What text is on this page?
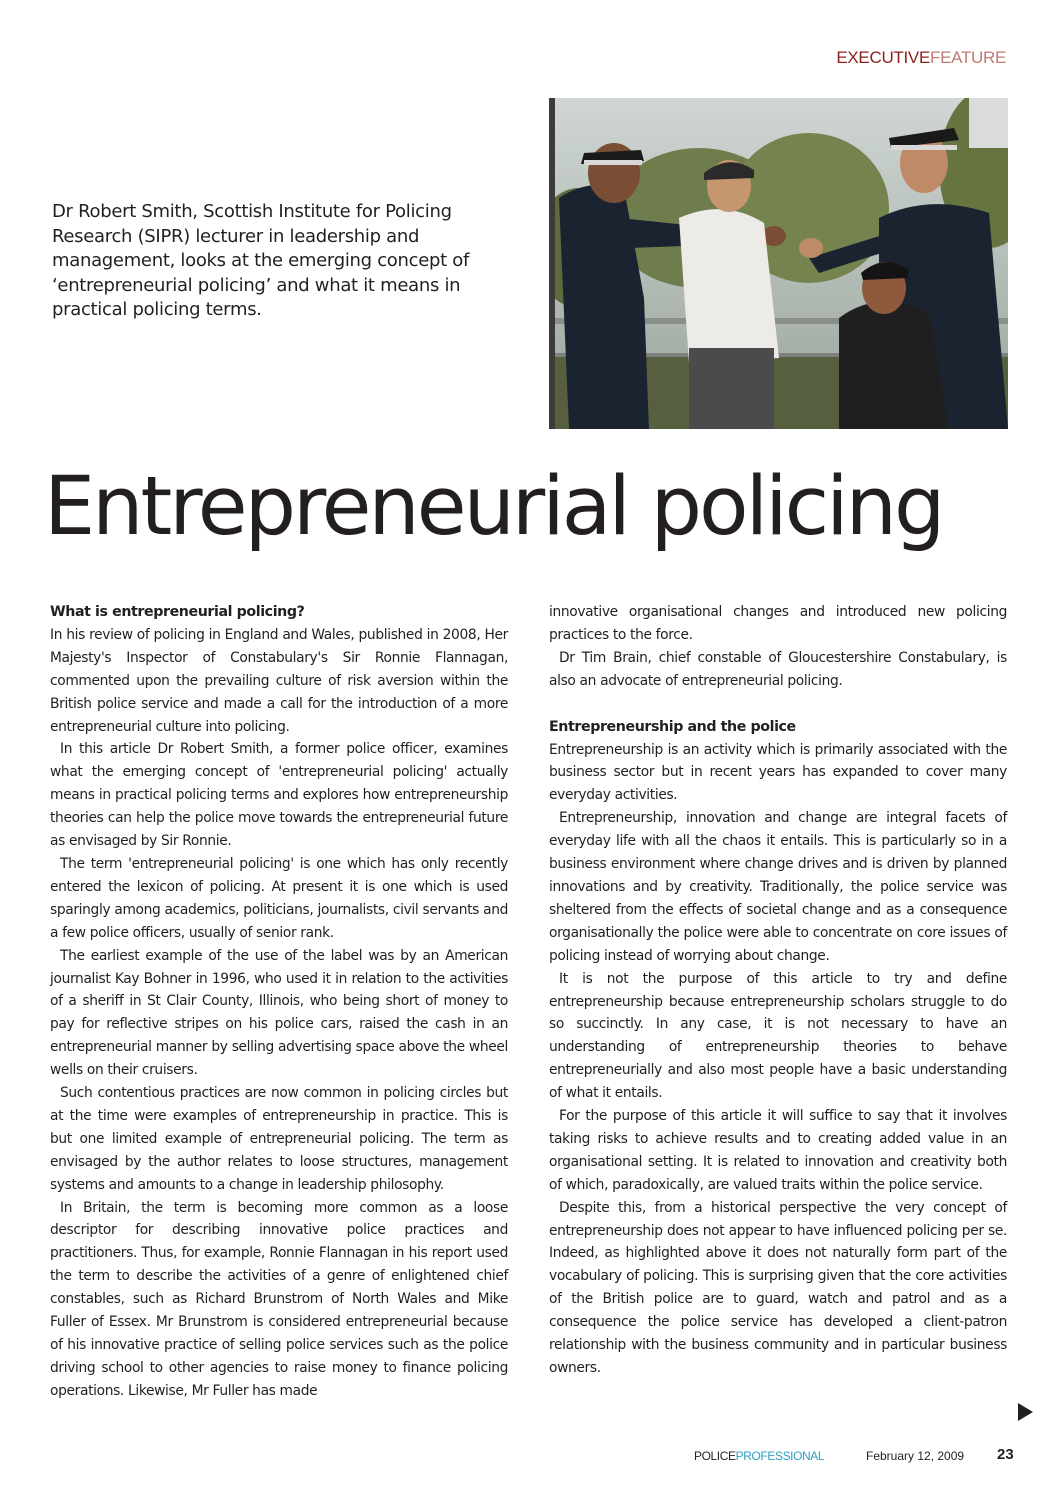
EXECUTIVEFEATURE
Dr Robert Smith, Scottish Institute for Policing Research (SIPR) lecturer in leadership and management, looks at the emerging concept of ‘entrepreneurial policing’ and what it means in practical policing terms.
Entrepreneurial policing
What is entrepreneurial policing?

In his review of policing in England and Wales, published in 2008, Her Majesty's Inspector of Constabulary's Sir Ronnie Flannagan, commented upon the prevailing culture of risk aversion within the British police service and made a call for the introduction of a more entrepreneurial culture into policing.

In this article Dr Robert Smith, a former police officer, examines what the emerging concept of 'entrepreneurial policing' actually means in practical policing terms and explores how entrepreneurship theories can help the police move towards the entrepreneurial future as envisaged by Sir Ronnie.

The term 'entrepreneurial policing' is one which has only recently entered the lexicon of policing. At present it is one which is used sparingly among academics, politicians, journalists, civil servants and a few police officers, usually of senior rank.

The earliest example of the use of the label was by an American journalist Kay Bohner in 1996, who used it in relation to the activities of a sheriff in St Clair County, Illinois, who being short of money to pay for reflective stripes on his police cars, raised the cash in an entrepreneurial manner by selling advertising space above the wheel wells on their cruisers.

Such contentious practices are now common in policing circles but at the time were examples of entrepreneurship in practice. This is but one limited example of entrepreneurial policing. The term as envisaged by the author relates to loose structures, management systems and amounts to a change in leadership philosophy.

In Britain, the term is becoming more common as a loose descriptor for describing innovative police practices and practitioners. Thus, for example, Ronnie Flannagan in his report used the term to describe the activities of a genre of enlightened chief constables, such as Richard Brunstrom of North Wales and Mike Fuller of Essex. Mr Brunstrom is considered entrepreneurial because of his innovative practice of selling police services such as the police driving school to other agencies to raise money to finance policing operations. Likewise, Mr Fuller has made

innovative organisational changes and introduced new policing practices to the force.

Dr Tim Brain, chief constable of Gloucestershire Constabulary, is also an advocate of entrepreneurial policing.

Entrepreneurship and the police

Entrepreneurship is an activity which is primarily associated with the business sector but in recent years has expanded to cover many everyday activities.

Entrepreneurship, innovation and change are integral facets of everyday life with all the chaos it entails. This is particularly so in a business environment where change drives and is driven by planned innovations and by creativity. Traditionally, the police service was sheltered from the effects of societal change and as a consequence organisationally the police were able to concentrate on core issues of policing instead of worrying about change.

It is not the purpose of this article to try and define entrepreneurship because entrepreneurship scholars struggle to do so succinctly. In any case, it is not necessary to have an understanding of entrepreneurship theories to behave entrepreneurially and also most people have a basic understanding of what it entails.

For the purpose of this article it will suffice to say that it involves taking risks to achieve results and to creating added value in an organisational setting. It is related to innovation and creativity both of which, paradoxically, are valued traits within the police service.

Despite this, from a historical perspective the very concept of entrepreneurship does not appear to have influenced policing per se. Indeed, as highlighted above it does not naturally form part of the vocabulary of policing. This is surprising given that the core activities of the British police are to guard, watch and patrol and as a consequence the police service has developed a client-patron relationship with the business community and in particular business owners.

POLICEPROFESSIONAL	February 12, 2009 23
